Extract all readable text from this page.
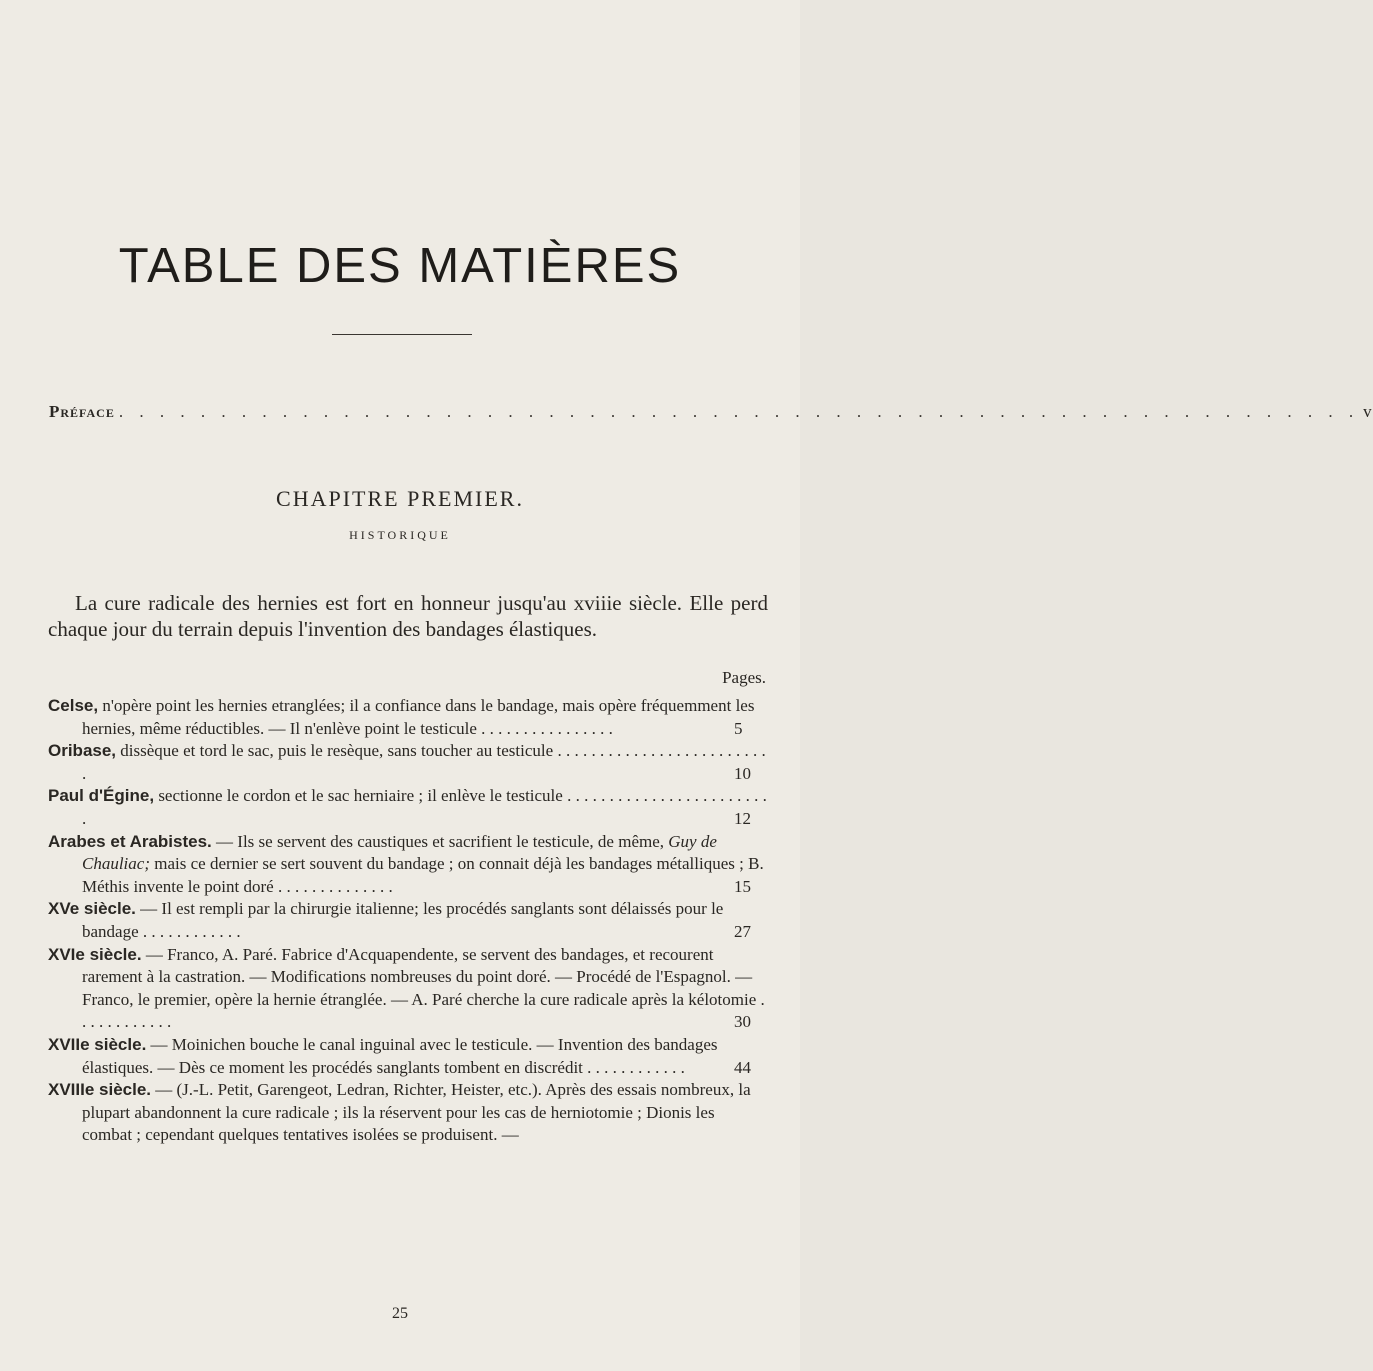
TABLE DES MATIÈRES
Préface . . . . . . . . . . . . . . . . . . . . . . . . . . . . . . . . . . . . . . . . . . . . . . . . . . . . . . . . . . . . . v
CHAPITRE PREMIER.
HISTORIQUE

La cure radicale des hernies est fort en honneur jusqu'au xviiie siècle. Elle perd chaque jour du terrain depuis l'invention des bandages élastiques.

Pages.
Celse, n'opère point les hernies etranglées; il a confiance dans le bandage, mais opère fréquemment les hernies, même réductibles. — Il n'enlève point le testicule . . . . . . . . . . . . . . . .	5
Oribase, dissèque et tord le sac, puis le resèque, sans toucher au testicule . . . . . . . . . . . . . . . . . . . . . . . . . .	10
Paul d'Égine, sectionne le cordon et le sac herniaire ; il enlève le testicule . . . . . . . . . . . . . . . . . . . . . . . . .	12
Arabes et Arabistes. — Ils se servent des caustiques et sacrifient le testicule, de même, Guy de Chauliac; mais ce dernier se sert souvent du bandage ; on connait déjà les bandages métalliques ; B. Méthis invente le point doré . . . . . . . . . . . . . .	15
XVe siècle. — Il est rempli par la chirurgie italienne; les procédés sanglants sont délaissés pour le bandage . . . . . . . . . . . .	27
XVIe siècle. — Franco, A. Paré. Fabrice d'Acquapendente, se servent des bandages, et recourent rarement à la castration. — Modifications nombreuses du point doré. — Procédé de l'Espagnol. — Franco, le premier, opère la hernie étranglée. — A. Paré cherche la cure radicale après la kélotomie . . . . . . . . . . . .	30
XVIIe siècle. — Moinichen bouche le canal inguinal avec le testicule. — Invention des bandages élastiques. — Dès ce moment les procédés sanglants tombent en discrédit . . . . . . . . . . . .	44
XVIIIe siècle. — (J.-L. Petit, Garengeot, Ledran, Richter, Heister, etc.). Après des essais nombreux, la plupart abandonnent la cure radicale ; ils la réservent pour les cas de herniotomie ; Dionis les combat ; cependant quelques tentatives isolées se produisent. —
25
